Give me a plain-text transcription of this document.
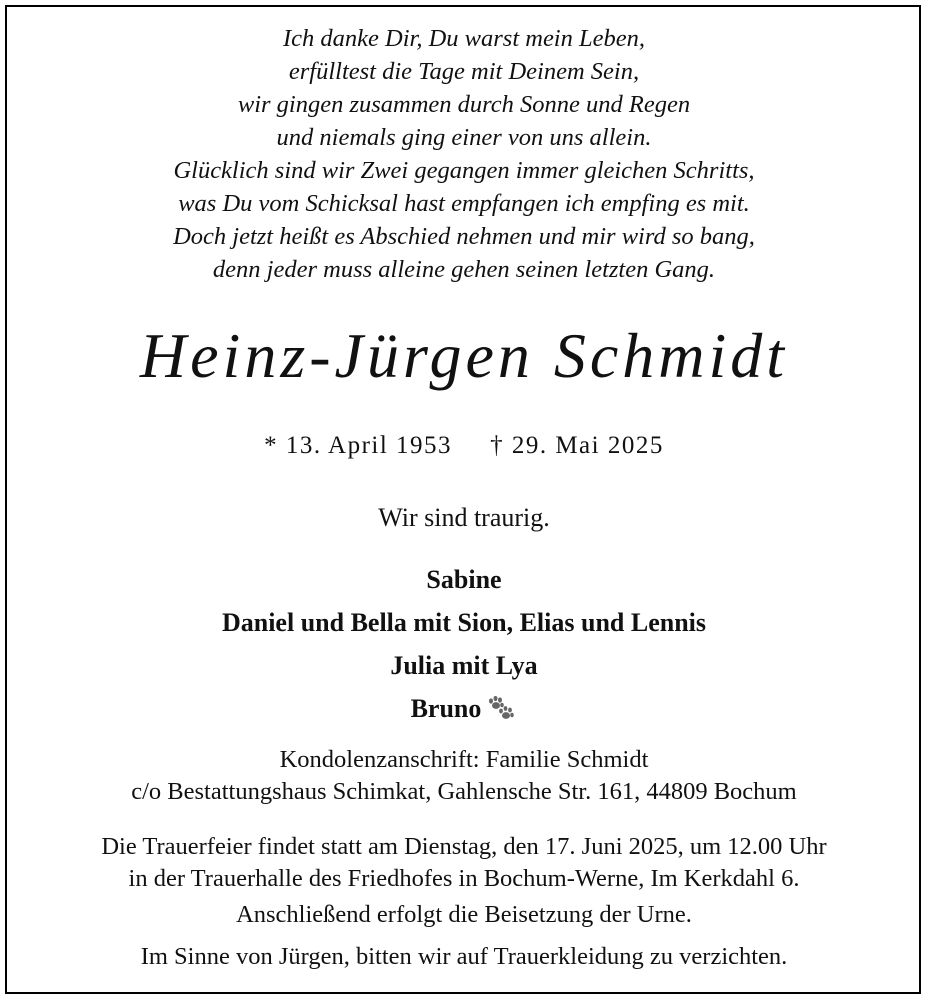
Ich danke Dir, Du warst mein Leben,
erfülltest die Tage mit Deinem Sein,
wir gingen zusammen durch Sonne und Regen
und niemals ging einer von uns allein.
Glücklich sind wir Zwei gegangen immer gleichen Schritts,
was Du vom Schicksal hast empfangen ich empfing es mit.
Doch jetzt heißt es Abschied nehmen und mir wird so bang,
denn jeder muss alleine gehen seinen letzten Gang.
Heinz-Jürgen Schmidt
* 13. April 1953 † 29. Mai 2025
Wir sind traurig.
Sabine
Daniel und Bella mit Sion, Elias und Lennis
Julia mit Lya
Bruno
Kondolenzanschrift: Familie Schmidt
c/o Bestattungshaus Schimkat, Gahlensche Str. 161, 44809 Bochum
Die Trauerfeier findet statt am Dienstag, den 17. Juni 2025, um 12.00 Uhr
in der Trauerhalle des Friedhofes in Bochum-Werne, Im Kerkdahl 6.
Anschließend erfolgt die Beisetzung der Urne.
Im Sinne von Jürgen, bitten wir auf Trauerkleidung zu verzichten.
